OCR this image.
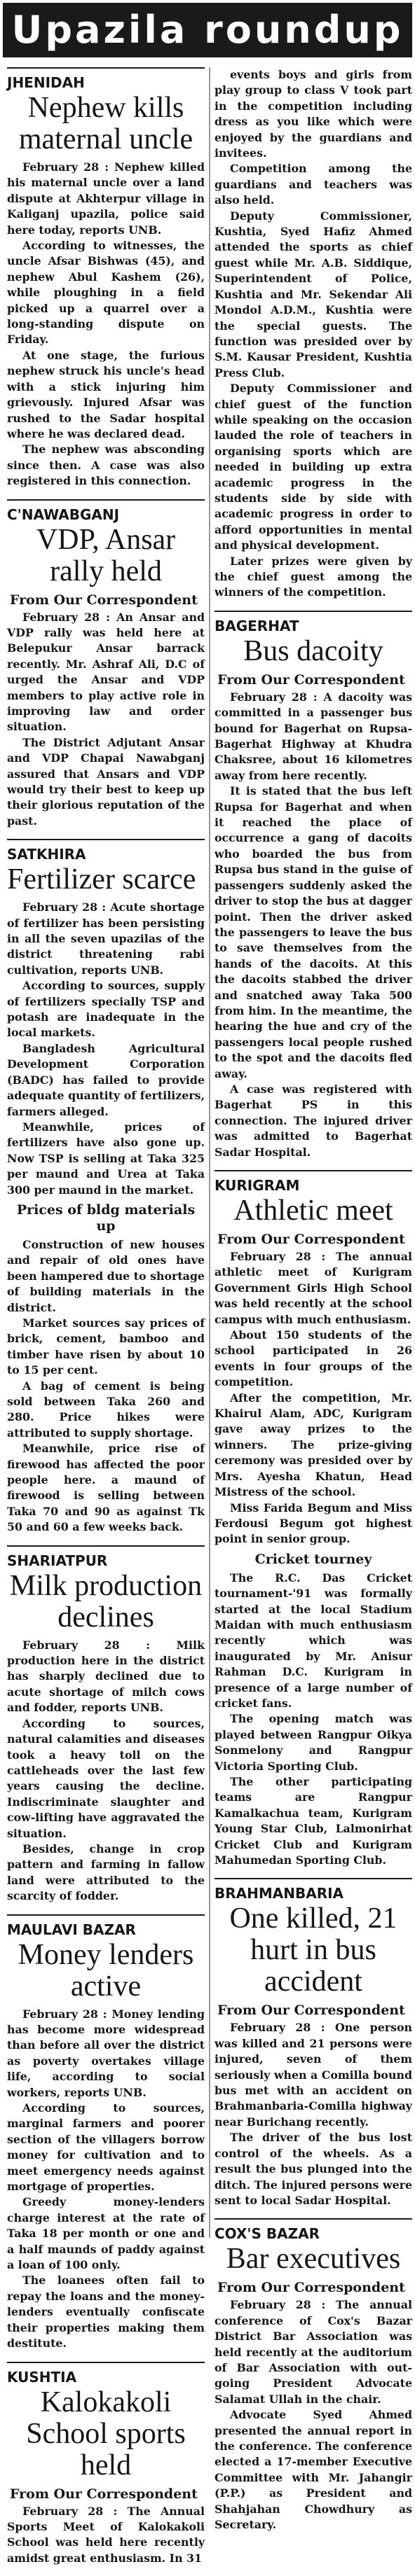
Upazila roundup
JHENIDAH
Nephew kills maternal uncle

February 28 : Nephew killed his maternal uncle over a land dispute at Akhterpur village in Kaliganj upazila, police said here today, reports UNB.

According to witnesses, the uncle Afsar Bishwas (45), and nephew Abul Kashem (26), while ploughing in a field picked up a quarrel over a long-standing dispute on Friday.

At one stage, the furious nephew struck his uncle's head with a stick injuring him grievously. Injured Afsar was rushed to the Sadar hospital where he was declared dead.

The nephew was absconding since then. A case was also registered in this connection.

C'NAWABGANJ
VDP, Ansar rally held
From Our Correspondent

February 28 : An Ansar and VDP rally was held here at Belepukur Ansar barrack recently. Mr. Ashraf Ali, D.C of urged the Ansar and VDP members to play active role in improving law and order situation.

The District Adjutant Ansar and VDP Chapai Nawabganj assured that Ansars and VDP would try their best to keep up their glorious reputation of the past.

SATKHIRA
Fertilizer scarce

February 28 : Acute shortage of fertilizer has been persisting in all the seven upazilas of the district threatening rabi cultivation, reports UNB.

According to sources, supply of fertilizers specially TSP and potash are inadequate in the local markets.

Bangladesh Agricultural Development Corporation (BADC) has failed to provide adequate quantity of fertilizers, farmers alleged.

Meanwhile, prices of fertilizers have also gone up. Now TSP is selling at Taka 325 per maund and Urea at Taka 300 per maund in the market.

Prices of bldg materials up

Construction of new houses and repair of old ones have been hampered due to shortage of building materials in the district.

Market sources say prices of brick, cement, bamboo and timber have risen by about 10 to 15 per cent.

A bag of cement is being sold between Taka 260 and 280. Price hikes were attributed to supply shortage.

Meanwhile, price rise of firewood has affected the poor people here. a maund of firewood is selling between Taka 70 and 90 as against Tk 50 and 60 a few weeks back.

SHARIATPUR
Milk production declines

February 28 : Milk production here in the district has sharply declined due to acute shortage of milch cows and fodder, reports UNB.

According to sources, natural calamities and diseases took a heavy toll on the cattleheads over the last few years causing the decline. Indiscriminate slaughter and cow-lifting have aggravated the situation.

Besides, change in crop pattern and farming in fallow land were attributed to the scarcity of fodder.

MAULAVI BAZAR
Money lenders active

February 28 : Money lending has become more widespread than before all over the district as poverty overtakes village life, according to social workers, reports UNB.

According to sources, marginal farmers and poorer section of the villagers borrow money for cultivation and to meet emergency needs against mortgage of properties.

Greedy money-lenders charge interest at the rate of Taka 18 per month or one and a half maunds of paddy against a loan of 100 only.

The loanees often fail to repay the loans and the money-lenders eventually confiscate their properties making them destitute.

KUSHTIA
Kalokakoli School sports held
From Our Correspondent

February 28 : The Annual Sports Meet of Kalokakoli School was held here recently amidst great enthusiasm. In 31

events boys and girls from play group to class V took part in the competition including dress as you like which were enjoyed by the guardians and invitees.

Competition among the guardians and teachers was also held.

Deputy Commissioner, Kushtia, Syed Hafiz Ahmed attended the sports as chief guest while Mr. A.B. Siddique, Superintendent of Police, Kushtia and Mr. Sekendar Ali Mondol A.D.M., Kushtia were the special guests. The function was presided over by S.M. Kausar President, Kushtia Press Club.

Deputy Commissioner and chief guest of the function while speaking on the occasion lauded the role of teachers in organising sports which are needed in building up extra academic progress in the students side by side with academic progress in order to afford opportunities in mental and physical development.

Later prizes were given by the chief guest among the winners of the competition.

BAGERHAT
Bus dacoity
From Our Correspondent

February 28 : A dacoity was committed in a passenger bus bound for Bagerhat on Rupsa-Bagerhat Highway at Khudra Chaksree, about 16 kilometres away from here recently.

It is stated that the bus left Rupsa for Bagerhat and when it reached the place of occurrence a gang of dacoits who boarded the bus from Rupsa bus stand in the guise of passengers suddenly asked the driver to stop the bus at dagger point. Then the driver asked the passengers to leave the bus to save themselves from the hands of the dacoits. At this the dacoits stabbed the driver and snatched away Taka 500 from him. In the meantime, the hearing the hue and cry of the passengers local people rushed to the spot and the dacoits fled away.

A case was registered with Bagerhat PS in this connection. The injured driver was admitted to Bagerhat Sadar Hospital.

KURIGRAM
Athletic meet
From Our Correspondent

February 28 : The annual athletic meet of Kurigram Government Girls High School was held recently at the school campus with much enthusiasm.

About 150 students of the school participated in 26 events in four groups of the competition.

After the competition, Mr. Khairul Alam, ADC, Kurigram gave away prizes to the winners. The prize-giving ceremony was presided over by Mrs. Ayesha Khatun, Head Mistress of the school.

Miss Farida Begum and Miss Ferdousi Begum got highest point in senior group.

Cricket tourney

The R.C. Das Cricket tournament-'91 was formally started at the local Stadium Maidan with much enthusiasm recently which was inaugurated by Mr. Anisur Rahman D.C. Kurigram in presence of a large number of cricket fans.

The opening match was played between Rangpur Oikya Sonmelony and Rangpur Victoria Sporting Club.

The other participating teams are Rangpur Kamalkachua team, Kurigram Young Star Club, Lalmonirhat Cricket Club and Kurigram Mahumedan Sporting Club.

BRAHMANBARIA
One killed, 21 hurt in bus accident
From Our Correspondent

February 28 : One person was killed and 21 persons were injured, seven of them seriously when a Comilla bound bus met with an accident on Brahmanbaria-Comilla highway near Burichang recently.

The driver of the bus lost control of the wheels. As a result the bus plunged into the ditch. The injured persons were sent to local Sadar Hospital.

COX'S BAZAR
Bar executives
From Our Correspondent

February 28 : The annual conference of Cox's Bazar District Bar Association was held recently at the auditorium of Bar Association with out-going President Advocate Salamat Ullah in the chair.

Advocate Syed Ahmed presented the annual report in the conference. The conference elected a 17-member Executive Committee with Mr. Jahangir (P.P.) as President and Shahjahan Chowdhury as Secretary.
